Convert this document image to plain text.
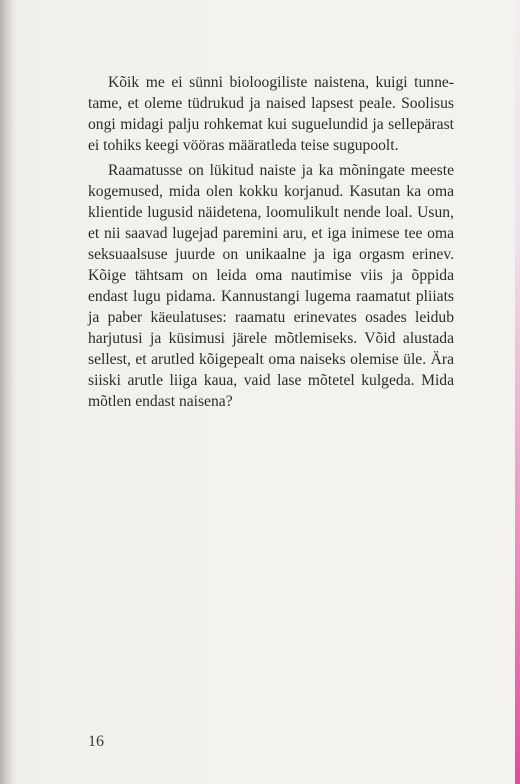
Kõik me ei sünni bioloogiliste naistena, kuigi tunnetame, et oleme tüdrukud ja naised lapsest peale. Soolisus ongi midagi palju rohkemat kui suguelundid ja sellepärast ei tohiks keegi vööras määratleda teise sugupoolt.

Raamatusse on lükitud naiste ja ka mõningate meeste kogemused, mida olen kokku korjanud. Kasutan ka oma klientide lugusid näidetena, loomulikult nende loal. Usun, et nii saavad lugejad paremini aru, et iga inimese tee oma seksuaalsuse juurde on unikaalne ja iga orgasm erinev. Kõige tähtsam on leida oma nautimise viis ja õppida endast lugu pidama. Kannustangi lugema raamatut pliiats ja paber käeulatuses: raamatu erinevates osades leidub harjutusi ja küsimusi järele mõtlemiseks. Võid alustada sellest, et arutled kõigepealt oma naiseks olemise üle. Ära siiski arutle liiga kaua, vaid lase mõtetel kulgeda. Mida mõtlen endast naisena?

16
